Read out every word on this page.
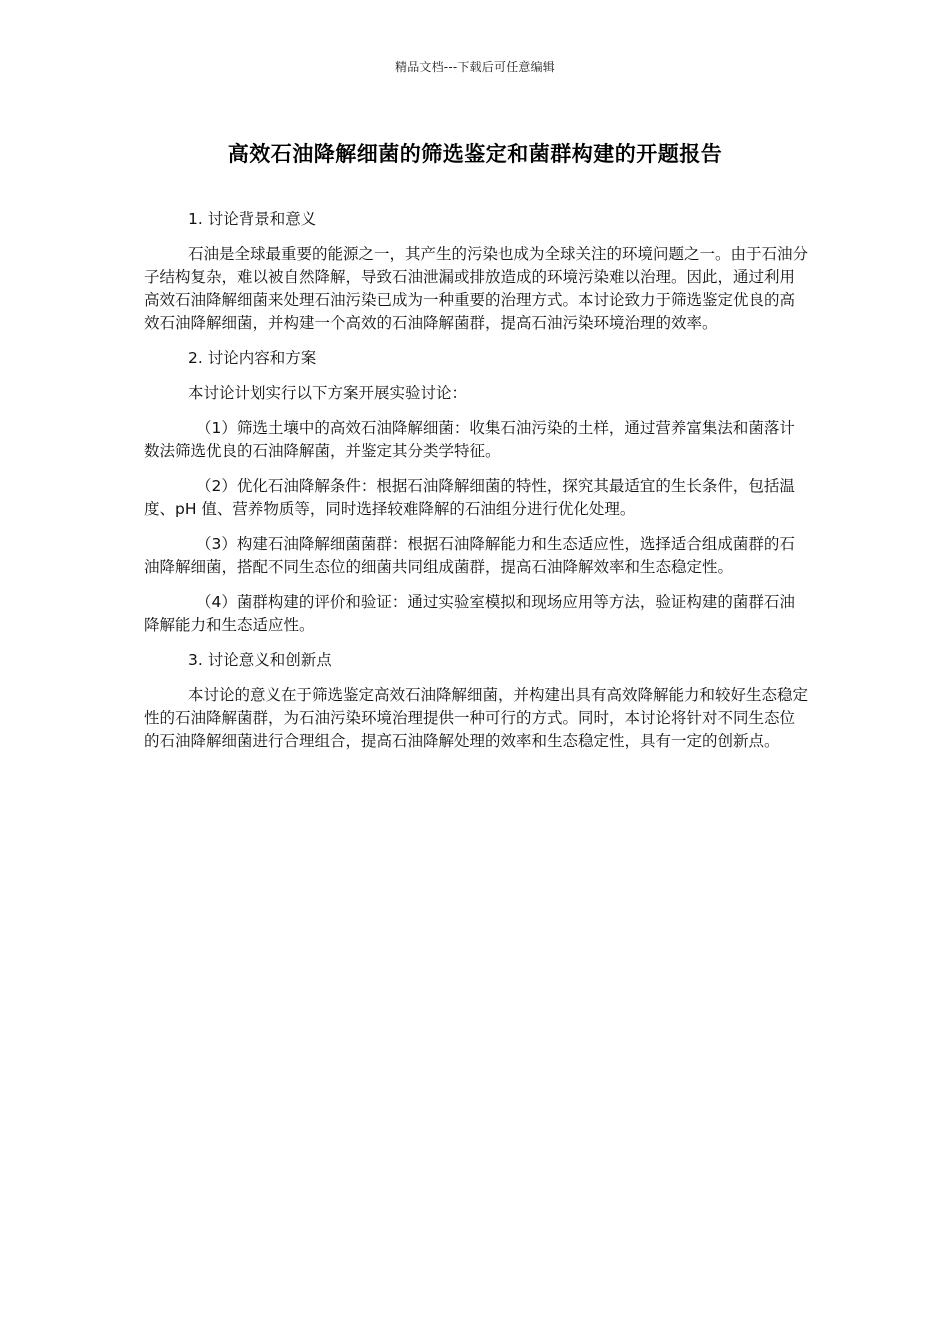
精品文档---下载后可任意编辑
高效石油降解细菌的筛选鉴定和菌群构建的开题报告

1. 讨论背景和意义

石油是全球最重要的能源之一，其产生的污染也成为全球关注的环境问题之一。由于石油分子结构复杂，难以被自然降解，导致石油泄漏或排放造成的环境污染难以治理。因此，通过利用高效石油降解细菌来处理石油污染已成为一种重要的治理方式。本讨论致力于筛选鉴定优良的高效石油降解细菌，并构建一个高效的石油降解菌群，提高石油污染环境治理的效率。

2. 讨论内容和方案

本讨论计划实行以下方案开展实验讨论：

（1）筛选土壤中的高效石油降解细菌：收集石油污染的土样，通过营养富集法和菌落计数法筛选优良的石油降解菌，并鉴定其分类学特征。

（2）优化石油降解条件：根据石油降解细菌的特性，探究其最适宜的生长条件，包括温度、pH 值、营养物质等，同时选择较难降解的石油组分进行优化处理。

（3）构建石油降解细菌菌群：根据石油降解能力和生态适应性，选择适合组成菌群的石油降解细菌，搭配不同生态位的细菌共同组成菌群，提高石油降解效率和生态稳定性。

（4）菌群构建的评价和验证：通过实验室模拟和现场应用等方法，验证构建的菌群石油降解能力和生态适应性。

3. 讨论意义和创新点

本讨论的意义在于筛选鉴定高效石油降解细菌，并构建出具有高效降解能力和较好生态稳定性的石油降解菌群，为石油污染环境治理提供一种可行的方式。同时，本讨论将针对不同生态位的石油降解细菌进行合理组合，提高石油降解处理的效率和生态稳定性，具有一定的创新点。
